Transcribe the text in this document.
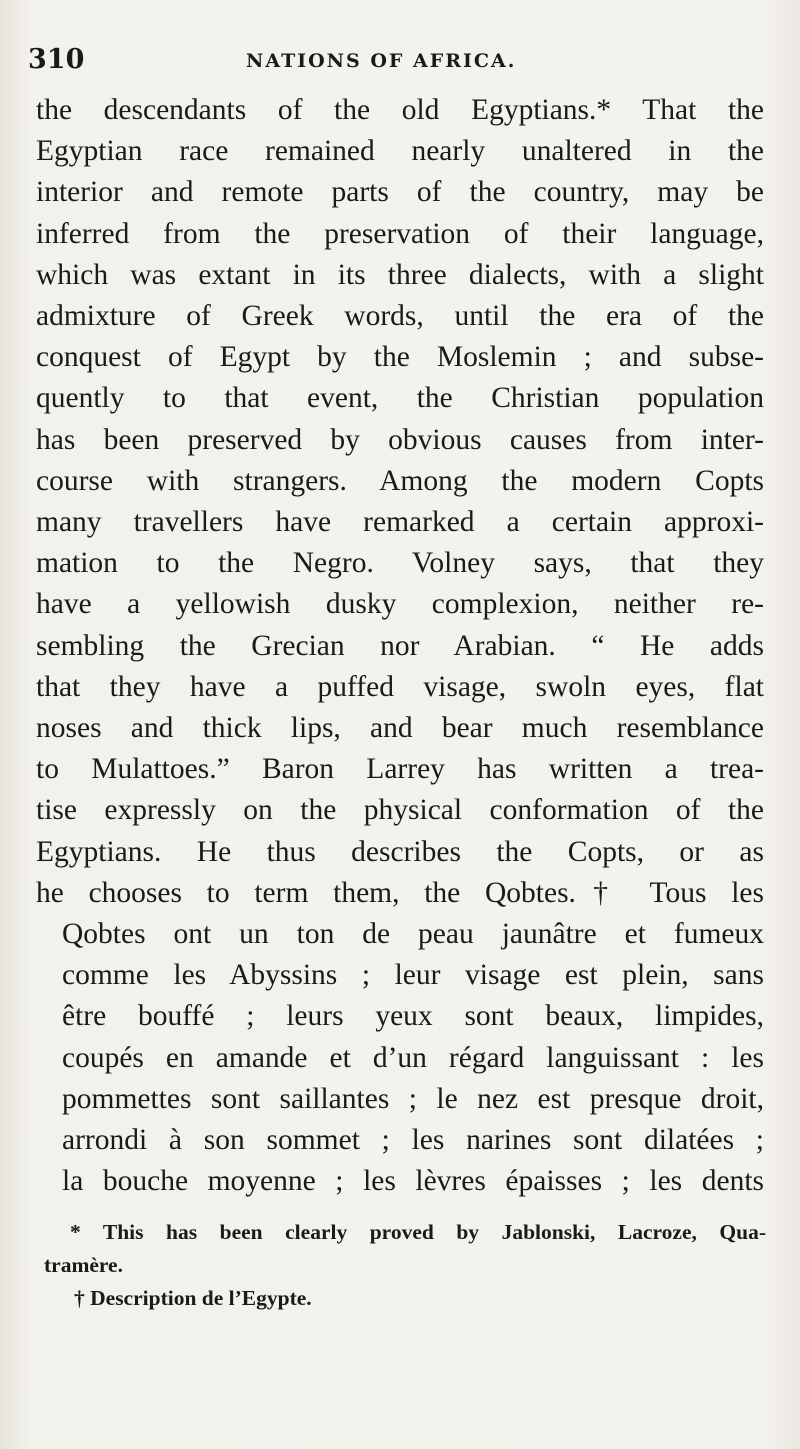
310	NATIONS OF AFRICA.
the descendants of the old Egyptians.* That the
Egyptian race remained nearly unaltered in the
interior and remote parts of the country, may be
inferred from the preservation of their language,
which was extant in its three dialects, with a slight
admixture of Greek words, until the era of the
conquest of Egypt by the Moslemin ; and subse-
quently to that event, the Christian population
has been preserved by obvious causes from inter-
course with strangers. Among the modern Copts
many travellers have remarked a certain approxi-
mation to the Negro. Volney says, that they
have a yellowish dusky complexion, neither re-
sembling the Grecian nor Arabian. “ He adds
that they have a puffed visage, swoln eyes, flat
noses and thick lips, and bear much resemblance
to Mulattoes.” Baron Larrey has written a trea-
tise expressly on the physical conformation of the
Egyptians. He thus describes the Copts, or as
he chooses to term them, the Qobtes.† Tous les
Qobtes ont un ton de peau jaunâtre et fumeux
comme les Abyssins ; leur visage est plein, sans
être bouffé ; leurs yeux sont beaux, limpides,
coupés en amande et d’un régard languissant : les
pommettes sont saillantes ; le nez est presque droit,
arrondi à son sommet ; les narines sont dilatées ;
la bouche moyenne ; les lèvres épaisses ; les dents
* This has been clearly proved by Jablonski, Lacroze, Qua-
tramère.
† Description de l’Egypte.
